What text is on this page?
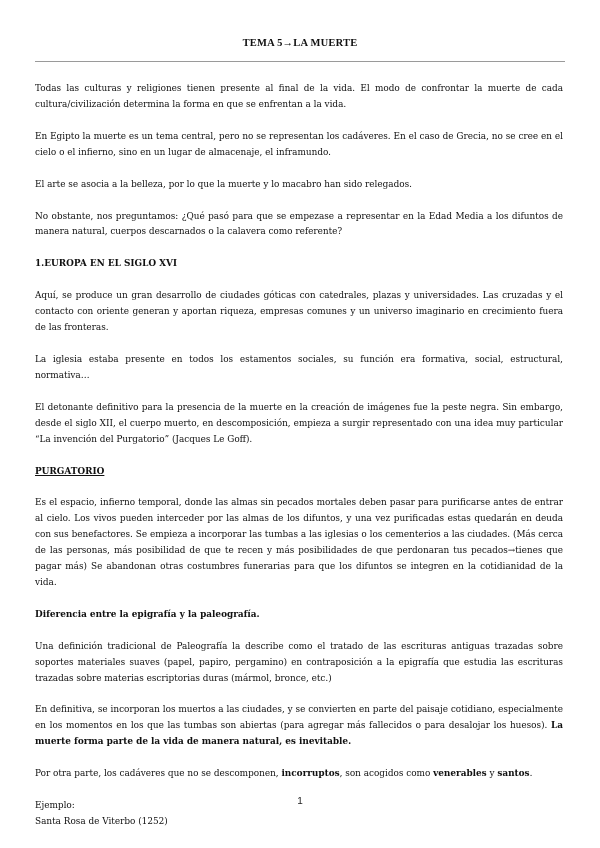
TEMA 5→LA MUERTE

Todas las culturas y religiones tienen presente al final de la vida. El modo de confrontar la muerte de cada cultura/civilización determina la forma en que se enfrentan a la vida.

En Egipto la muerte es un tema central, pero no se representan los cadáveres. En el caso de Grecia, no se cree en el cielo o el infierno, sino en un lugar de almacenaje, el inframundo.

El arte se asocia a la belleza, por lo que la muerte y lo macabro han sido relegados.

No obstante, nos preguntamos: ¿Qué pasó para que se empezase a representar en la Edad Media a los difuntos de manera natural, cuerpos descarnados o la calavera como referente?

1.EUROPA EN EL SIGLO XVI

Aquí, se produce un gran desarrollo de ciudades góticas con catedrales, plazas y universidades. Las cruzadas y el contacto con oriente generan y aportan riqueza, empresas comunes y un universo imaginario en crecimiento fuera de las fronteras.

La iglesia estaba presente en todos los estamentos sociales, su función era formativa, social, estructural, normativa…

El detonante definitivo para la presencia de la muerte en la creación de imágenes fue la peste negra. Sin embargo, desde el siglo XII, el cuerpo muerto, en descomposición, empieza a surgir representado con una idea muy particular “La invención del Purgatorio” (Jacques Le Goff).

PURGATORIO

Es el espacio, infierno temporal, donde las almas sin pecados mortales deben pasar para purificarse antes de entrar al cielo. Los vivos pueden interceder por las almas de los difuntos, y una vez purificadas estas quedarán en deuda con sus benefactores. Se empieza a incorporar las tumbas a las iglesias o los cementerios a las ciudades. (Más cerca de las personas, más posibilidad de que te recen y más posibilidades de que perdonaran tus pecados→tienes que pagar más) Se abandonan otras costumbres funerarias para que los difuntos se integren en la cotidianidad de la vida.

Diferencia entre la epigrafía y la paleografía.

Una definición tradicional de Paleografía la describe como el tratado de las escrituras antiguas trazadas sobre soportes materiales suaves (papel, papiro, pergamino) en contraposición a la epigrafía que estudia las escrituras trazadas sobre materias escriptorias duras (mármol, bronce, etc.)

En definitiva, se incorporan los muertos a las ciudades, y se convierten en parte del paisaje cotidiano, especialmente en los momentos en los que las tumbas son abiertas (para agregar más fallecidos o para desalojar los huesos). La muerte forma parte de la vida de manera natural, es inevitable.

Por otra parte, los cadáveres que no se descomponen, incorruptos, son acogidos como venerables y santos.

Ejemplo:

Santa Rosa de Viterbo (1252)

1
